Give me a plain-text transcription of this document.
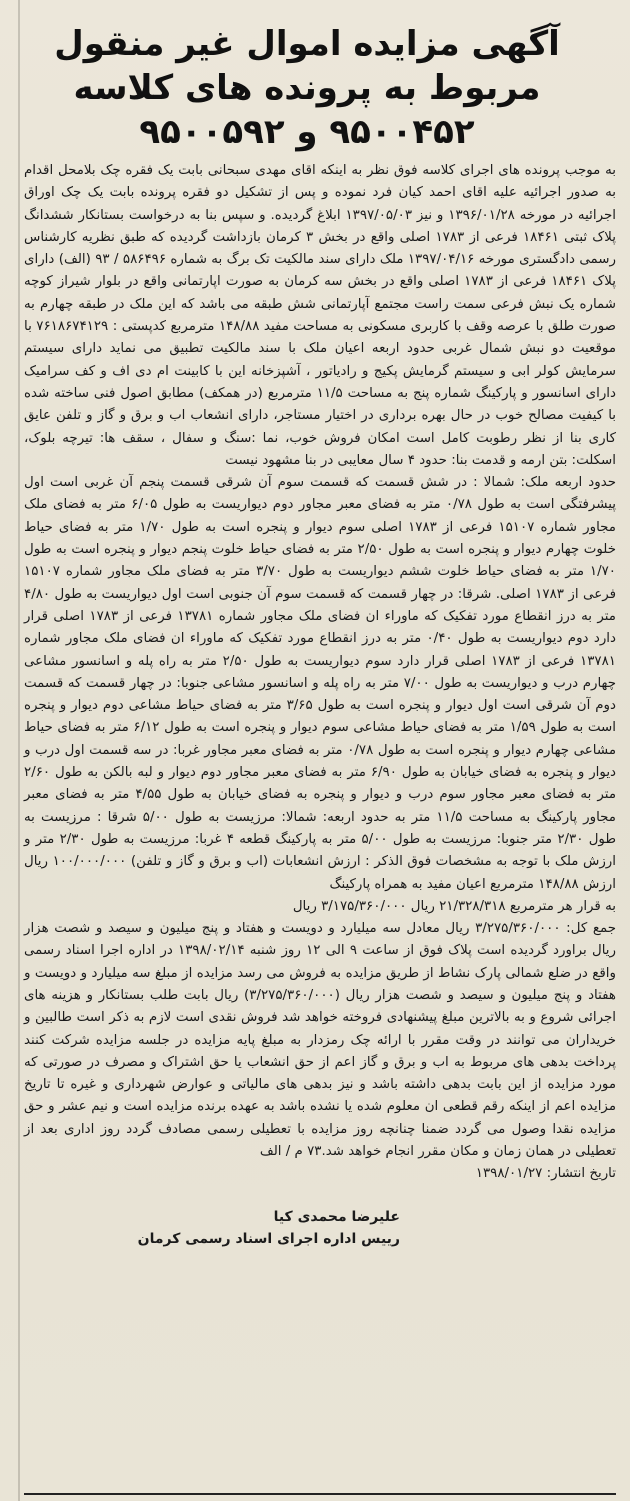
آگهی مزایده اموال غیر منقول مربوط به پرونده های کلاسه ۹۵۰۰۴۵۲ و ۹۵۰۰۵۹۲

به موجب پرونده های اجرای کلاسه فوق نظر به اینکه اقای مهدی سبحانی بابت یک فقره چک بلامحل اقدام به صدور اجرائیه علیه اقای احمد کیان فرد نموده و پس از تشکیل دو فقره پرونده بابت یک چک اوراق اجرائیه در مورخه ۱۳۹۶/۰۱/۲۸ و نیز ۱۳۹۷/۰۵/۰۳ ابلاغ گردیده. و سپس بنا به درخواست بستانکار ششدانگ پلاک ثبتی ۱۸۴۶۱ فرعی از ۱۷۸۳ اصلی واقع در بخش ۳ کرمان بازداشت گردیده که طبق نظریه کارشناس رسمی دادگستری مورخه ۱۳۹۷/۰۴/۱۶ ملک دارای سند مالکیت تک برگ به شماره ۵۸۶۴۹۶ / ۹۳ (الف) دارای پلاک ۱۸۴۶۱ فرعی از ۱۷۸۳ اصلی واقع در بخش سه کرمان به صورت اپارتمانی واقع در بلوار شیراز کوچه شماره یک نبش فرعی سمت راست مجتمع آپارتمانی شش طبقه می باشد که این ملک در طبقه چهارم به صورت طلق با عرصه وقف با کاربری مسکونی به مساحت مفید ۱۴۸/۸۸ مترمربع کدپستی : ۷۶۱۸۶۷۴۱۲۹ با موقعیت دو نبش شمال غربی حدود اربعه اعیان ملک با سند مالکیت تطبیق می نماید دارای سیستم سرمایش کولر ابی و سیستم گرمایش پکیج و رادیاتور ، آشپزخانه این با کابینت ام دی اف و کف سرامیک دارای اسانسور و پارکینگ شماره پنج به مساحت ۱۱/۵ مترمربع (در همکف) مطابق اصول فنی ساخته شده با کیفیت مصالح خوب در حال بهره برداری در اختیار مستاجر، دارای انشعاب اب و برق و گاز و تلفن عایق کاری بنا از نظر رطوبت کامل است امکان فروش خوب، نما :سنگ و سفال ، سقف ها: تیرچه بلوک، اسکلت: بتن ارمه و قدمت بنا: حدود ۴ سال معایبی در بنا مشهود نیست

حدود اربعه ملک: شمالا : در شش قسمت که قسمت سوم آن شرقی قسمت پنجم آن غربی است اول پیشرفتگی است به طول ۰/۷۸ متر به فضای معبر مجاور دوم دیواریست به طول ۶/۰۵ متر به فضای ملک مجاور شماره ۱۵۱۰۷ فرعی از ۱۷۸۳ اصلی سوم دیوار و پنجره است به طول ۱/۷۰ متر به فضای حیاط خلوت چهارم دیوار و پنجره است به طول ۲/۵۰ متر به فضای حیاط خلوت پنجم دیوار و پنجره است به طول ۱/۷۰ متر به فضای حیاط خلوت ششم دیواریست به طول ۳/۷۰ متر به فضای ملک مجاور شماره ۱۵۱۰۷ فرعی از ۱۷۸۳ اصلی. شرقا: در چهار قسمت که قسمت سوم آن جنوبی است اول دیواریست به طول ۴/۸۰ متر به درز انقطاع مورد تفکیک که ماوراء ان فضای ملک مجاور شماره ۱۳۷۸۱ فرعی از ۱۷۸۳ اصلی قرار دارد دوم دیواریست به طول ۰/۴۰ متر به درز انقطاع مورد تفکیک که ماوراء ان فضای ملک مجاور شماره ۱۳۷۸۱ فرعی از ۱۷۸۳ اصلی قرار دارد سوم دیواریست به طول ۲/۵۰ متر به راه پله و اسانسور مشاعی چهارم درب و دیواریست به طول ۷/۰۰ متر به راه پله و اسانسور مشاعی جنوبا: در چهار قسمت که قسمت دوم آن شرقی است اول دیوار و پنجره است به طول ۳/۶۵ متر به فضای حیاط مشاعی دوم دیوار و پنجره است به طول ۱/۵۹ متر به فضای حیاط مشاعی سوم دیوار و پنجره است به طول ۶/۱۲ متر به فضای حیاط مشاعی چهارم دیوار و پنجره است به طول ۰/۷۸ متر به فضای معبر مجاور غربا: در سه قسمت اول درب و دیوار و پنجره به فضای خیابان به طول ۶/۹۰ متر به فضای معبر مجاور دوم دیوار و لبه بالکن به طول ۲/۶۰ متر به فضای معبر مجاور سوم درب و دیوار و پنجره به فضای خیابان به طول ۴/۵۵ متر به فضای معبر مجاور پارکینگ به مساحت ۱۱/۵ متر به حدود اربعه: شمالا: مرزیست به طول ۵/۰۰ شرقا : مرزیست به طول ۲/۳۰ متر جنوبا: مرزیست به طول ۵/۰۰ متر به پارکینگ قطعه ۴ غربا: مرزیست به طول ۲/۳۰ متر و ارزش ملک با توجه به مشخصات فوق الذکر : ارزش انشعابات (اب و برق و گاز و تلفن) ۱۰۰/۰۰۰/۰۰۰ ریال ارزش ۱۴۸/۸۸ مترمربع اعیان مفید به همراه پارکینگ

به قرار هر مترمربع ۲۱/۳۲۸/۳۱۸ ریال ۳/۱۷۵/۳۶۰/۰۰۰ ریال

جمع کل: ۳/۲۷۵/۳۶۰/۰۰۰ ریال معادل سه میلیارد و دویست و هفتاد و پنج میلیون و سیصد و شصت هزار ریال براورد گردیده است پلاک فوق از ساعت ۹ الی ۱۲ روز شنبه ۱۳۹۸/۰۲/۱۴ در اداره اجرا اسناد رسمی واقع در ضلع شمالی پارک نشاط از طریق مزایده به فروش می رسد مزایده از مبلغ سه میلیارد و دویست و هفتاد و پنج میلیون و سیصد و شصت هزار ریال (۳/۲۷۵/۳۶۰/۰۰۰) ریال بابت طلب بستانکار و هزینه های اجرائی شروع و به بالاترین مبلغ پیشنهادی فروخته خواهد شد فروش نقدی است لازم به ذکر است طالبین و خریداران می توانند در وقت مقرر با ارائه چک رمزدار به مبلغ پایه مزایده در جلسه مزایده شرکت کنند پرداخت بدهی های مربوط به اب و برق و گاز اعم از حق انشعاب یا حق اشتراک و مصرف در صورتی که مورد مزایده از این بابت بدهی داشته باشد و نیز بدهی های مالیاتی و عوارض شهرداری و غیره تا تاریخ مزایده اعم از اینکه رقم قطعی ان معلوم شده یا نشده باشد به عهده برنده مزایده است و نیم عشر و حق مزایده نقدا وصول می گردد ضمنا چنانچه روز مزایده با تعطیلی رسمی مصادف گردد روز اداری بعد از تعطیلی در همان زمان و مکان مقرر انجام خواهد شد.۷۳ م / الف

تاریخ انتشار: ۱۳۹۸/۰۱/۲۷

علیرضا محمدی کیا
رییس اداره اجرای اسناد رسمی کرمان
